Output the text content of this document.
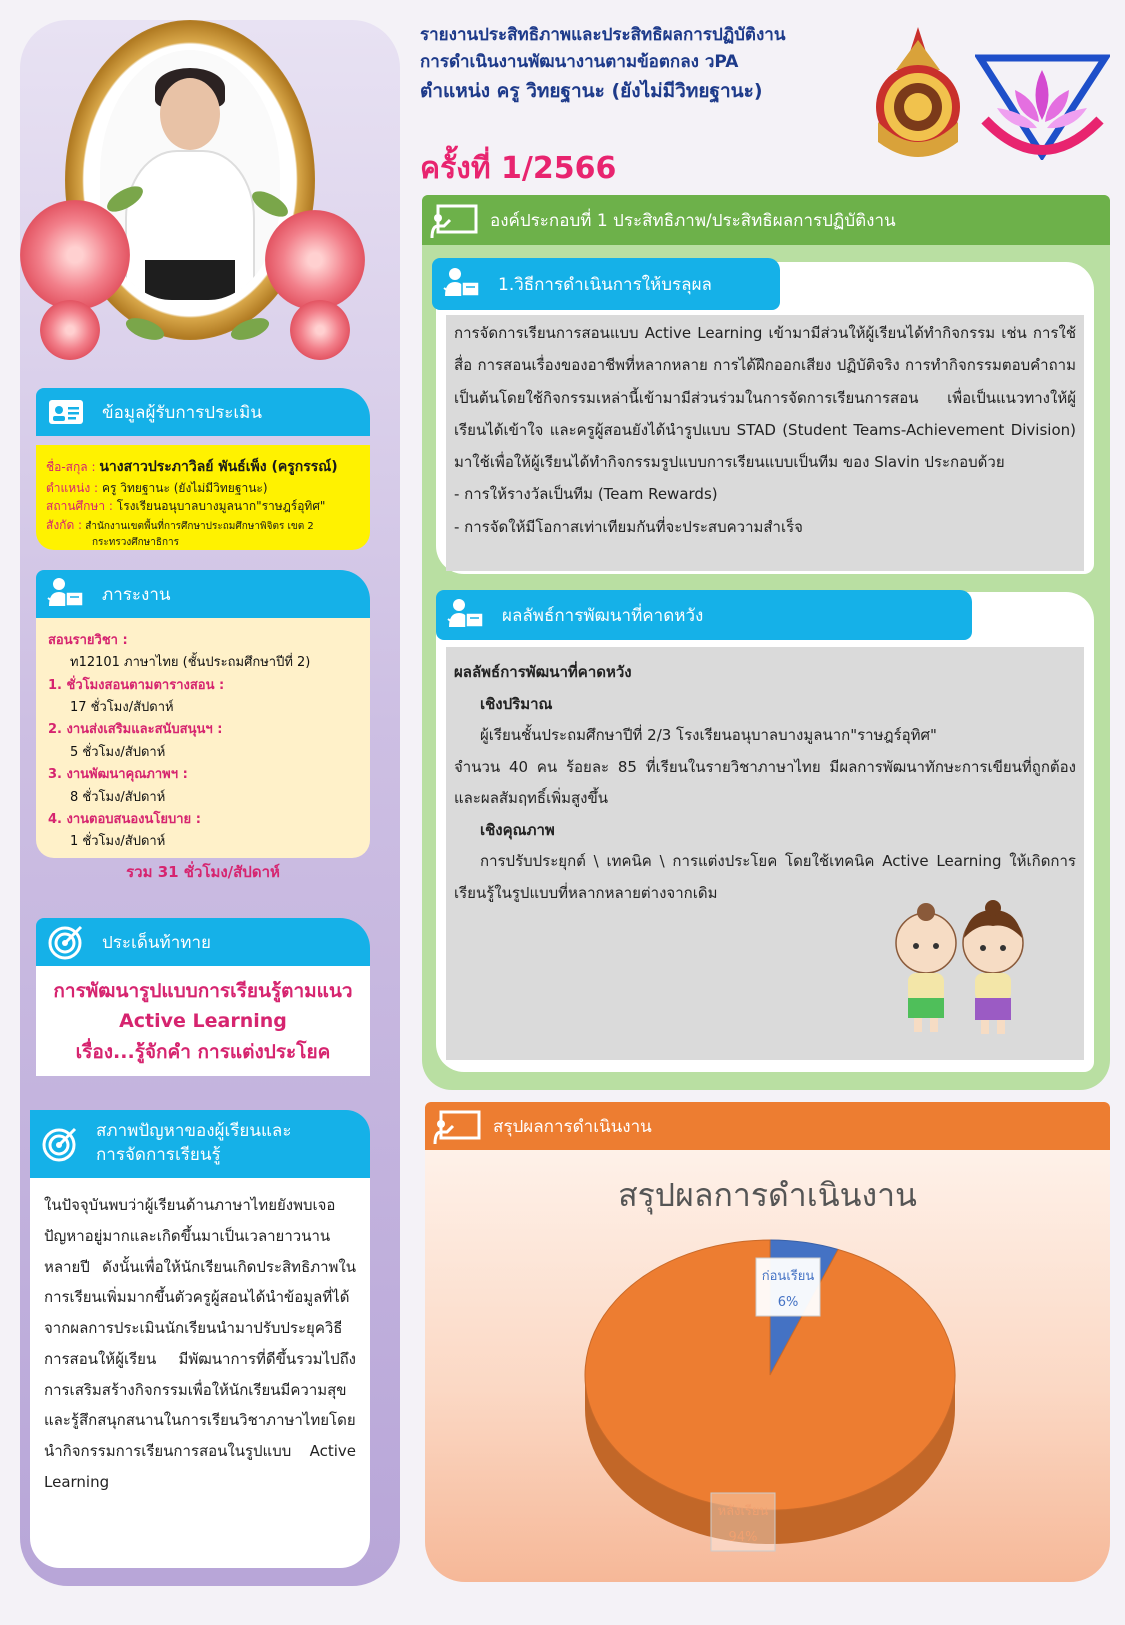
ข้อมูลผู้รับการประเมิน
ชื่อ-สกุล : นางสาวประภาวิลย์ พันธ์เพ็ง (ครูกรรณ์)
ตำแหน่ง : ครู วิทยฐานะ (ยังไม่มีวิทยฐานะ)
สถานศึกษา : โรงเรียนอนุบาลบางมูลนาก"ราษฎร์อุทิศ"
สังกัด : สำนักงานเขตพื้นที่การศึกษาประถมศึกษาพิจิตร เขต 2
กระทรวงศึกษาธิการ
ภาระงาน
สอนรายวิชา :
ท12101 ภาษาไทย (ชั้นประถมศึกษาปีที่ 2)
1. ชั่วโมงสอนตามตารางสอน :
17 ชั่วโมง/สัปดาห์
2. งานส่งเสริมและสนับสนุนฯ :
5 ชั่วโมง/สัปดาห์
3. งานพัฒนาคุณภาพฯ :
8 ชั่วโมง/สัปดาห์
4. งานตอบสนองนโยบาย :
1 ชั่วโมง/สัปดาห์
รวม 31 ชั่วโมง/สัปดาห์
ประเด็นท้าทาย
การพัฒนารูปแบบการเรียนรู้ตามแนว
Active Learning
เรื่อง...รู้จักคำ การแต่งประโยค
สภาพปัญหาของผู้เรียนและ
การจัดการเรียนรู้
ในปัจจุบันพบว่าผู้เรียนด้านภาษาไทยยังพบเจอปัญหาอยู่มากและเกิดขึ้นมาเป็นเวลายาวนานหลายปี ดังนั้นเพื่อให้นักเรียนเกิดประสิทธิภาพในการเรียนเพิ่มมากขึ้นตัวครูผู้สอนได้นำข้อมูลที่ได้จากผลการประเมินนักเรียนนำมาปรับประยุควิธีการสอนให้ผู้เรียน มีพัฒนาการที่ดีขึ้นรวมไปถึงการเสริมสร้างกิจกรรมเพื่อให้นักเรียนมีความสุขและรู้สึกสนุกสนานในการเรียนวิชาภาษาไทยโดยนำกิจกรรมการเรียนการสอนในรูปแบบ Active Learning
รายงานประสิทธิภาพและประสิทธิผลการปฏิบัติงาน
การดำเนินงานพัฒนางานตามข้อตกลง วPA
ตำแหน่ง ครู วิทยฐานะ (ยังไม่มีวิทยฐานะ)
ครั้งที่ 1/2566
องค์ประกอบที่ 1 ประสิทธิภาพ/ประสิทธิผลการปฏิบัติงาน
1.วิธีการดำเนินการให้บรลุผล
การจัดการเรียนการสอนแบบ Active Learning เข้ามามีส่วนให้ผู้เรียนได้ทำกิจกรรม เช่น การใช้สื่อ การสอนเรื่องของอาชีพที่หลากหลาย การได้ฝึกออกเสียง ปฏิบัติจริง การทำกิจกรรมตอบคำถาม เป็นต้นโดยใช้กิจกรรมเหล่านี้เข้ามามีส่วนร่วมในการจัดการเรียนการสอน เพื่อเป็นแนวทางให้ผู้เรียนได้เข้าใจ และครูผู้สอนยังได้นำรูปแบบ STAD (Student Teams-Achievement Division) มาใช้เพื่อให้ผู้เรียนได้ทำกิจกรรมรูปแบบการเรียนแบบเป็นทีม ของ Slavin ประกอบด้วย
- การให้รางวัลเป็นทีม (Team Rewards)
- การจัดให้มีโอกาสเท่าเทียมกันที่จะประสบความสำเร็จ
ผลลัพธ์การพัฒนาที่คาดหวัง
ผลลัพธ์การพัฒนาที่คาดหวัง
เชิงปริมาณ
ผู้เรียนชั้นประถมศึกษาปีที่ 2/3 โรงเรียนอนุบาลบางมูลนาก"ราษฎร์อุทิศ"
จำนวน 40 คน ร้อยละ 85 ที่เรียนในรายวิชาภาษาไทย มีผลการพัฒนาทักษะการเขียนที่ถูกต้องและผลสัมฤทธิ์เพิ่มสูงขึ้น
เชิงคุณภาพ
การปรับประยุกต์ \ เทคนิค \ การแต่งประโยค โดยใช้เทคนิค Active Learning ให้เกิดการเรียนรู้ในรูปแบบที่หลากหลายต่างจากเดิม
สรุปผลการดำเนินงาน
สรุปผลการดำเนินงาน
ก่อนเรียน
6%
หลังเรียน
94%
